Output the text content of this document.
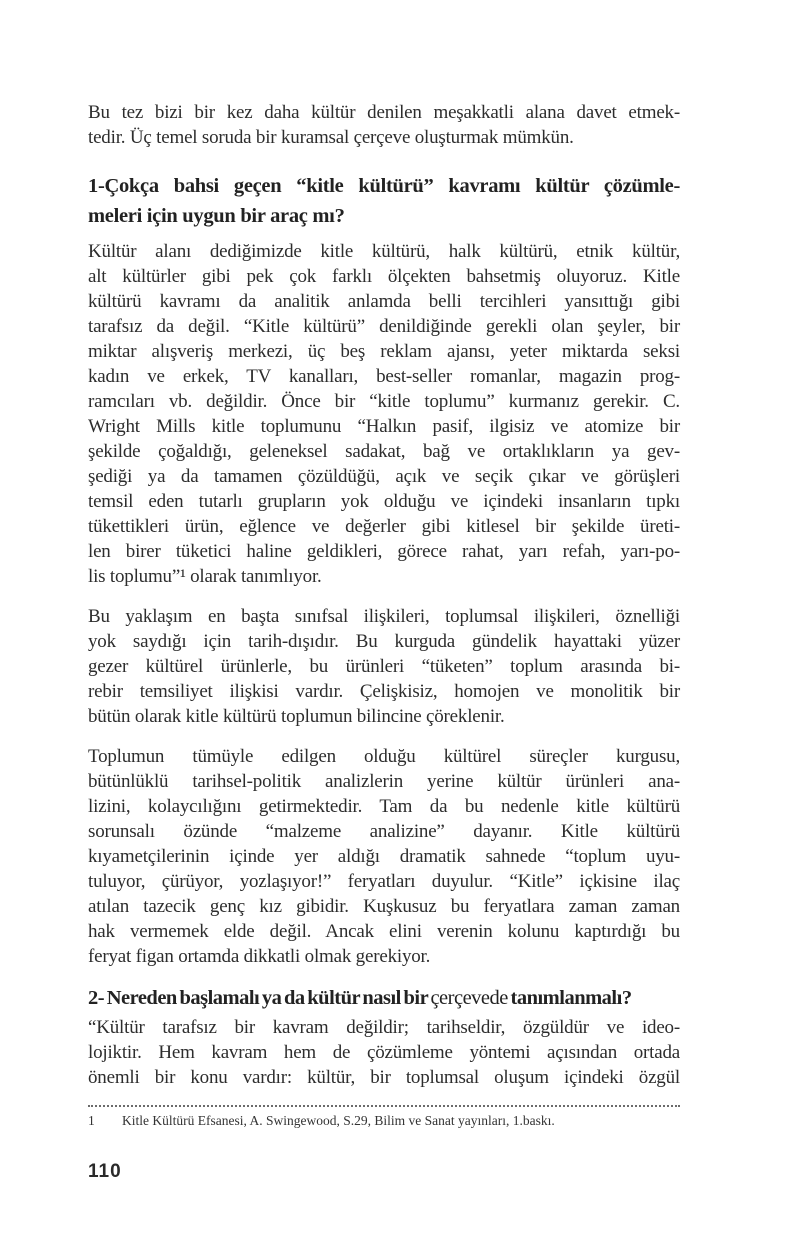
Bu tez bizi bir kez daha kültür denilen meşakkatli alana davet etmek-
tedir. Üç temel soruda bir kuramsal çerçeve oluşturmak mümkün.
1-Çokça bahsi geçen “kitle kültürü” kavramı kültür çözümle-
meleri için uygun bir araç mı?
Kültür alanı dediğimizde kitle kültürü, halk kültürü, etnik kültür,
alt kültürler gibi pek çok farklı ölçekten bahsetmiş oluyoruz. Kitle
kültürü kavramı da analitik anlamda belli tercihleri yansıttığı gibi
tarafsız da değil. “Kitle kültürü” denildiğinde gerekli olan şeyler, bir
miktar alışveriş merkezi, üç beş reklam ajansı, yeter miktarda seksi
kadın ve erkek, TV kanalları, best-seller romanlar, magazin prog-
ramcıları vb. değildir. Önce bir “kitle toplumu” kurmanız gerekir. C.
Wright Mills kitle toplumunu “Halkın pasif, ilgisiz ve atomize bir
şekilde çoğaldığı, geleneksel sadakat, bağ ve ortaklıkların ya gev-
şediği ya da tamamen çözüldüğü, açık ve seçik çıkar ve görüşleri
temsil eden tutarlı grupların yok olduğu ve içindeki insanların tıpkı
tükettikleri ürün, eğlence ve değerler gibi kitlesel bir şekilde üreti-
len birer tüketici haline geldikleri, görece rahat, yarı refah, yarı-po-
lis toplumu”¹ olarak tanımlıyor.
Bu yaklaşım en başta sınıfsal ilişkileri, toplumsal ilişkileri, öznelliği
yok saydığı için tarih-dışıdır. Bu kurguda gündelik hayattaki yüzer
gezer kültürel ürünlerle, bu ürünleri “tüketen” toplum arasında bi-
rebir temsiliyet ilişkisi vardır. Çelişkisiz, homojen ve monolitik bir
bütün olarak kitle kültürü toplumun bilincine çöreklenir.
Toplumun tümüyle edilgen olduğu kültürel süreçler kurgusu,
bütünlüklü tarihsel-politik analizlerin yerine kültür ürünleri ana-
lizini, kolaycılığını getirmektedir. Tam da bu nedenle kitle kültürü
sorunsalı özünde “malzeme analizine” dayanır. Kitle kültürü
kıyametçilerinin içinde yer aldığı dramatik sahnede “toplum uyu-
tuluyor, çürüyor, yozlaşıyor!” feryatları duyulur. “Kitle” içkisine ilaç
atılan tazecik genç kız gibidir. Kuşkusuz bu feryatlara zaman zaman
hak vermemek elde değil. Ancak elini verenin kolunu kaptırdığı bu
feryat figan ortamda dikkatli olmak gerekiyor.
2- Nereden başlamalı ya da kültür nasıl bir çerçevede tanımlanmalı?
“Kültür tarafsız bir kavram değildir; tarihseldir, özgüldür ve ideo-
lojiktir. Hem kavram hem de çözümleme yöntemi açısından ortada
önemli bir konu vardır: kültür, bir toplumsal oluşum içindeki özgül
1	Kitle Kültürü Efsanesi, A. Swingewood, S.29, Bilim ve Sanat yayınları, 1.baskı.
110
